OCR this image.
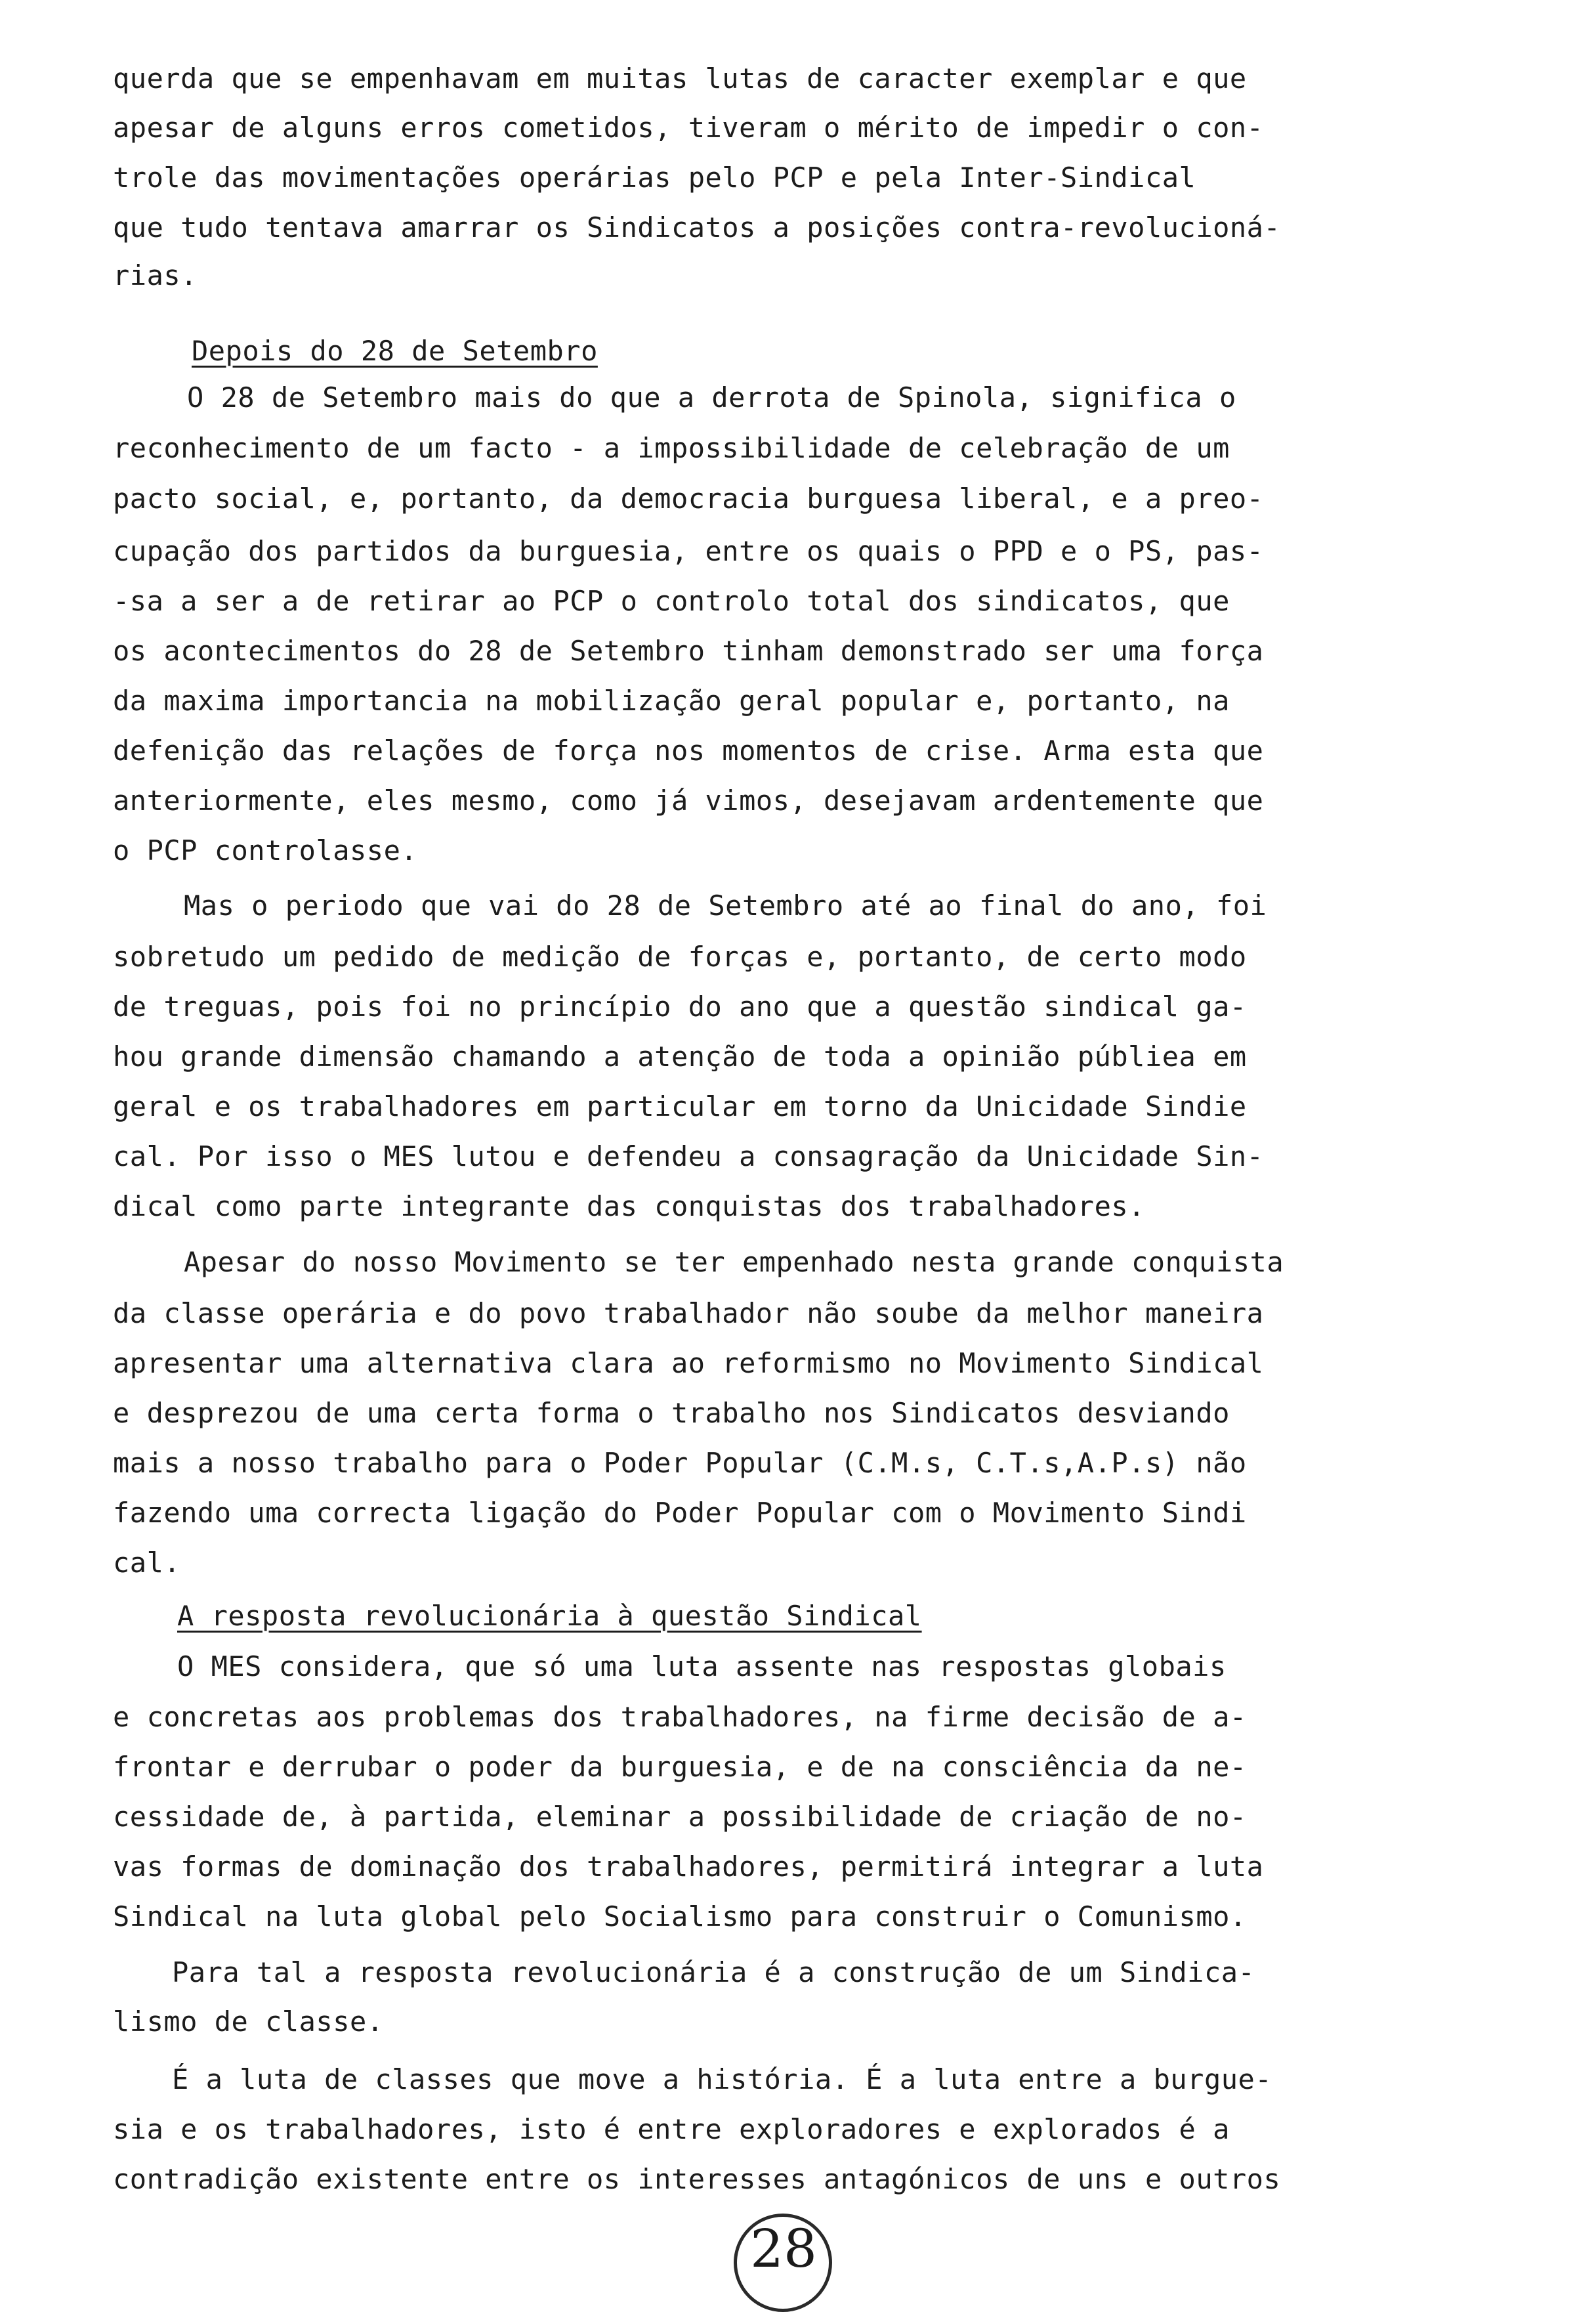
querda que se empenhavam em muitas lutas de caracter exemplar e que
apesar de alguns erros cometidos, tiveram o mérito de impedir o con-
trole das movimentações operárias pelo PCP e pela Inter-Sindical
que tudo tentava amarrar os Sindicatos a posições contra-revolucioná-
rias.
Depois do 28 de Setembro
O 28 de Setembro mais do que a derrota de Spinola, significa o
reconhecimento de um facto - a impossibilidade de celebração de um
pacto social, e, portanto, da democracia burguesa liberal, e a preo-
cupação dos partidos da burguesia, entre os quais o PPD e o PS, pas-
-sa a ser a de retirar ao PCP o controlo total dos sindicatos, que
os acontecimentos do 28 de Setembro tinham demonstrado ser uma força
da maxima importancia na mobilização geral popular e, portanto, na
defenição das relações de força nos momentos de crise. Arma esta que
anteriormente, eles mesmo, como já vimos, desejavam ardentemente que
o PCP controlasse.
Mas o periodo que vai do 28 de Setembro até ao final do ano, foi
sobretudo um pedido de medição de forças e, portanto, de certo modo
de treguas, pois foi no princípio do ano que a questão sindical ga-
hou grande dimensão chamando a atenção de toda a opinião públiea em
geral e os trabalhadores em particular em torno da Unicidade Sindie
cal. Por isso o MES lutou e defendeu a consagração da Unicidade Sin-
dical como parte integrante das conquistas dos trabalhadores.
Apesar do nosso Movimento se ter empenhado nesta grande conquista
da classe operária e do povo trabalhador não soube da melhor maneira
apresentar uma alternativa clara ao reformismo no Movimento Sindical
e desprezou de uma certa forma o trabalho nos Sindicatos desviando
mais a nosso trabalho para o Poder Popular (C.M.s, C.T.s,A.P.s) não
fazendo uma correcta ligação do Poder Popular com o Movimento Sindi
cal.
A resposta revolucionária à questão Sindical
O MES considera, que só uma luta assente nas respostas globais
e concretas aos problemas dos trabalhadores, na firme decisão de a-
frontar e derrubar o poder da burguesia, e de na consciência da ne-
cessidade de, à partida, eleminar a possibilidade de criação de no-
vas formas de dominação dos trabalhadores, permitirá integrar a luta
Sindical na luta global pelo Socialismo para construir o Comunismo.
Para tal a resposta revolucionária é a construção de um Sindica-
lismo de classe.
É a luta de classes que move a história. É a luta entre a burgue-
sia e os trabalhadores, isto é entre exploradores e explorados é a
contradição existente entre os interesses antagónicos de uns e outros
28
